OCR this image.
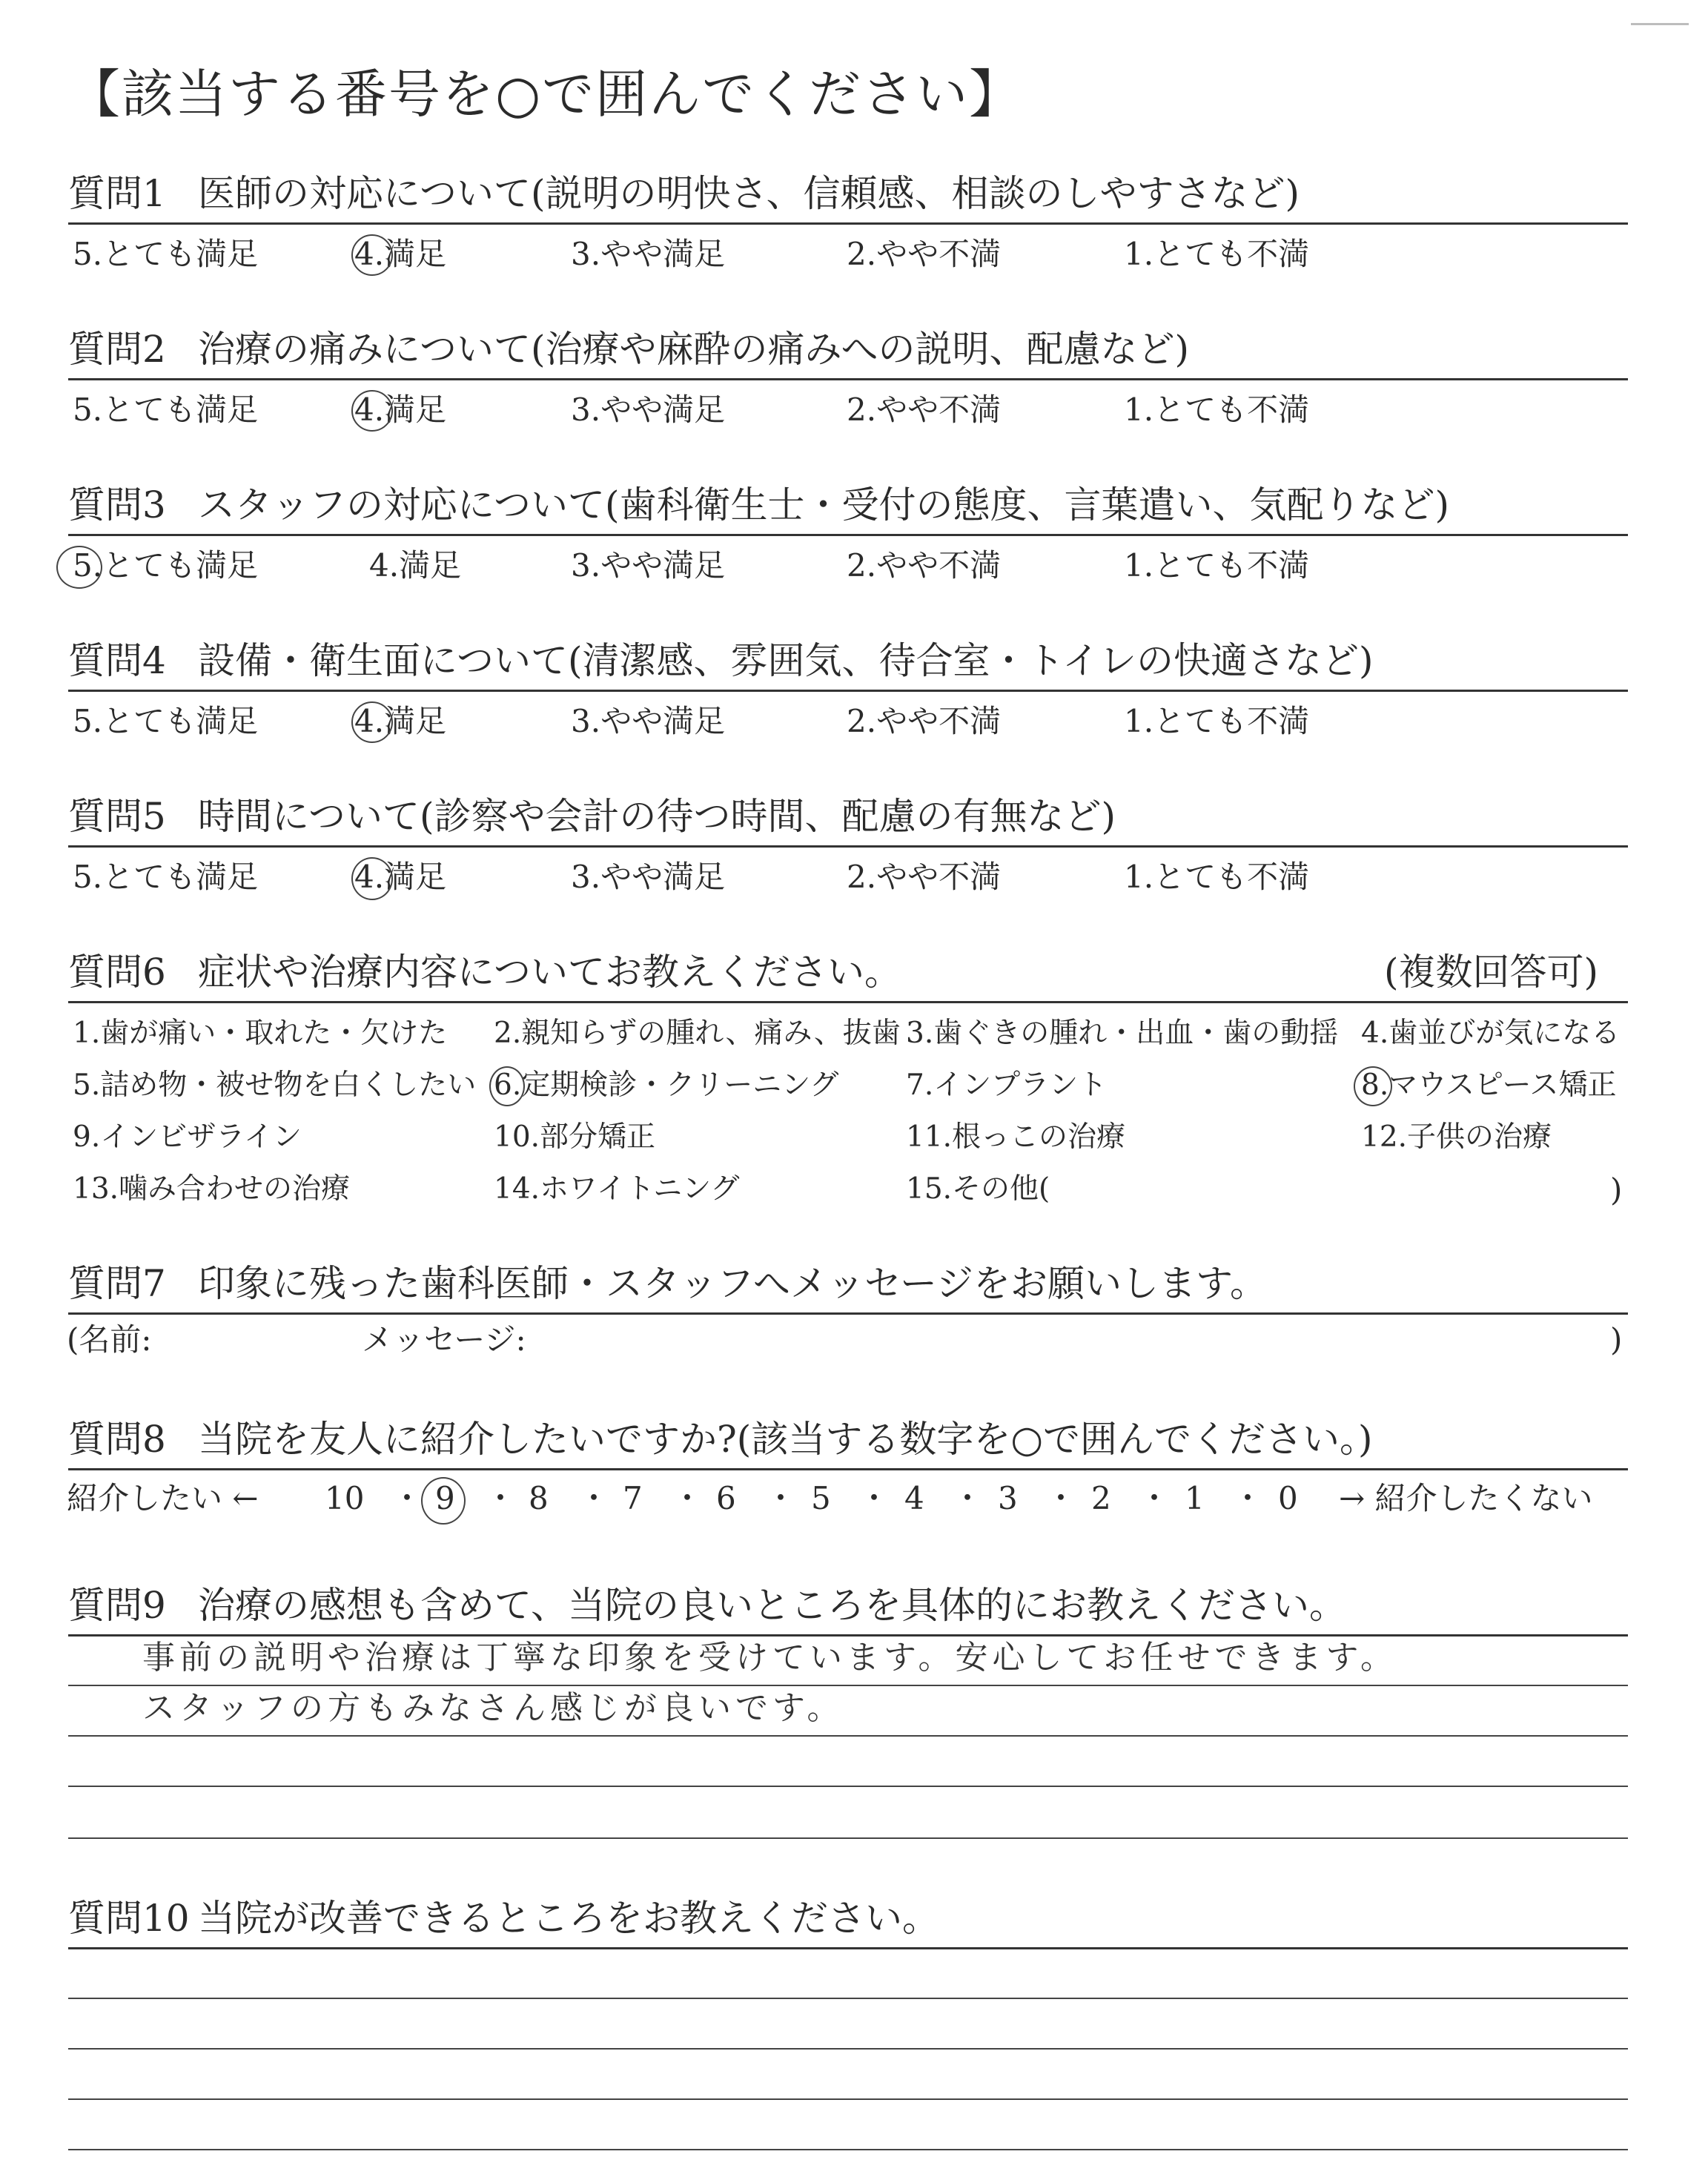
【該当する番号を○で囲んでください】
質問1 医師の対応について(説明の明快さ、信頼感、相談のしやすさなど)
5.とても満足	4.満足	3.やや満足	2.やや不満	1.とても不満
質問2 治療の痛みについて(治療や麻酔の痛みへの説明、配慮など)
5.とても満足	4.満足	3.やや満足	2.やや不満	1.とても不満
質問3 スタッフの対応について(歯科衛生士・受付の態度、言葉遣い、気配りなど)
5.とても満足	4.満足	3.やや満足	2.やや不満	1.とても不満
質問4 設備・衛生面について(清潔感、雰囲気、待合室・トイレの快適さなど)
5.とても満足	4.満足	3.やや満足	2.やや不満	1.とても不満
質問5 時間について(診察や会計の待つ時間、配慮の有無など)
5.とても満足	4.満足	3.やや満足	2.やや不満	1.とても不満
質問6 症状や治療内容についてお教えください。	(複数回答可)
1.歯が痛い・取れた・欠けた 2.親知らずの腫れ、痛み、抜歯 3.歯ぐきの腫れ・出血・歯の動揺 4.歯並びが気になる
5.詰め物・被せ物を白くしたい 6.定期検診・クリーニング 7.インプラント	8.マウスピース矯正
9.インビザライン	10.部分矯正	11.根っこの治療	12.子供の治療
13.噛み合わせの治療	14.ホワイトニング	15.その他(	)
質問7 印象に残った歯科医師・スタッフへメッセージをお願いします。
(名前:	メッセージ:	)
質問8 当院を友人に紹介したいですか?(該当する数字を○で囲んでください。)
紹介したい ← 10 ・ 9 ・ 8 ・ 7 ・ 6 ・ 5 ・ 4 ・ 3 ・ 2 ・ 1 ・ 0 → 紹介したくない
質問9 治療の感想も含めて、当院の良いところを具体的にお教えください。
事前の説明や治療は丁寧な印象を受けています。安心してお任せできます。
スタッフの方もみなさん感じが良いです。
質問10 当院が改善できるところをお教えください。
